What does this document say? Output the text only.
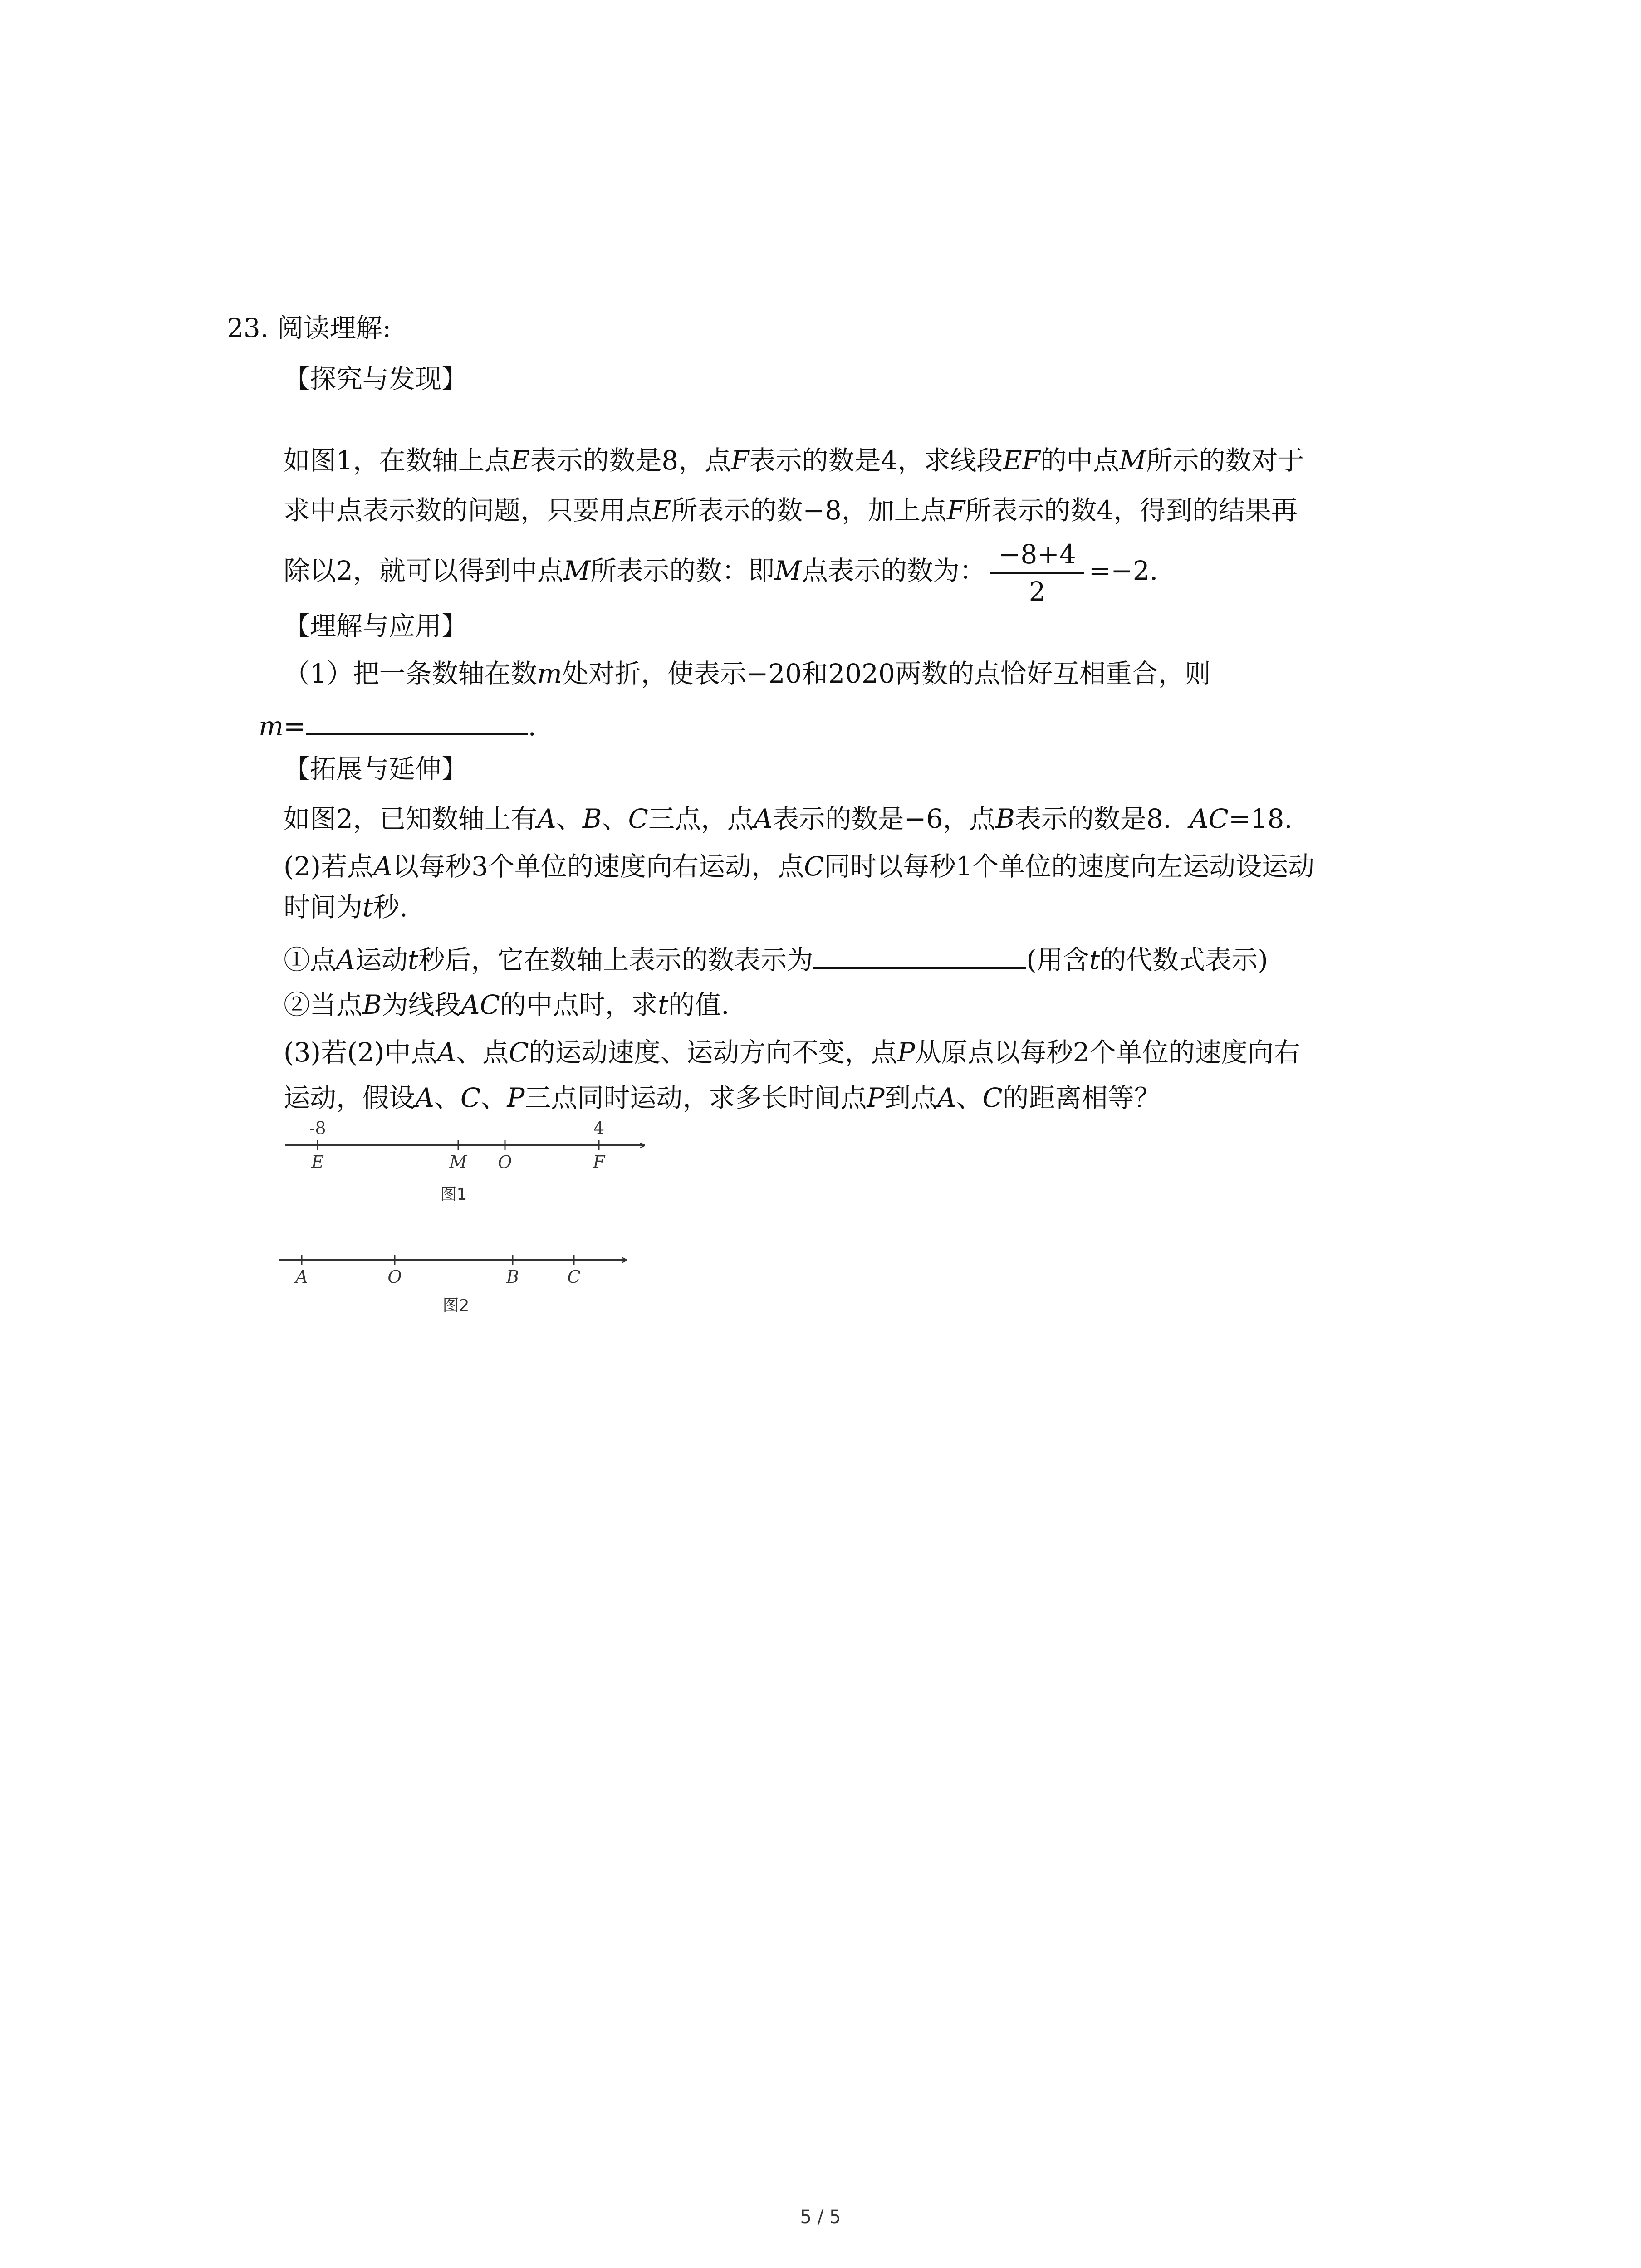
23. 阅读理解:
【探究与发现】
如图1，在数轴上点E表示的数是8，点F表示的数是4，求线段EF的中点M所示的数对于
求中点表示数的问题，只要用点E所表示的数−8，加上点F所表示的数4，得到的结果再
除以2，就可以得到中点M所表示的数：即M点表示的数为： $\frac{-8+4}{2} =-2$.
【理解与应用】
（1）把一条数轴在数m处对折，使表示−20和2020两数的点恰好互相重合，则
m=	.
【拓展与延伸】
如图2，已知数轴上有A、B、C三点，点A表示的数是−6，点B表示的数是8．AC=18.
(2)若点A以每秒3个单位的速度向右运动，点C同时以每秒1个单位的速度向左运动设运动
时间为t秒.
①点A运动t秒后，它在数轴上表示的数表示为	(用含t的代数式表示)
②当点B为线段AC的中点时，求t的值.
(3)若(2)中点A、点C的运动速度、运动方向不变，点P从原点以每秒2个单位的速度向右
运动，假设A、C、P三点同时运动，求多长时间点P到点A、C的距离相等？
-8	4
E	M O	F
图1
A	O	B	C
图2
5 / 5
